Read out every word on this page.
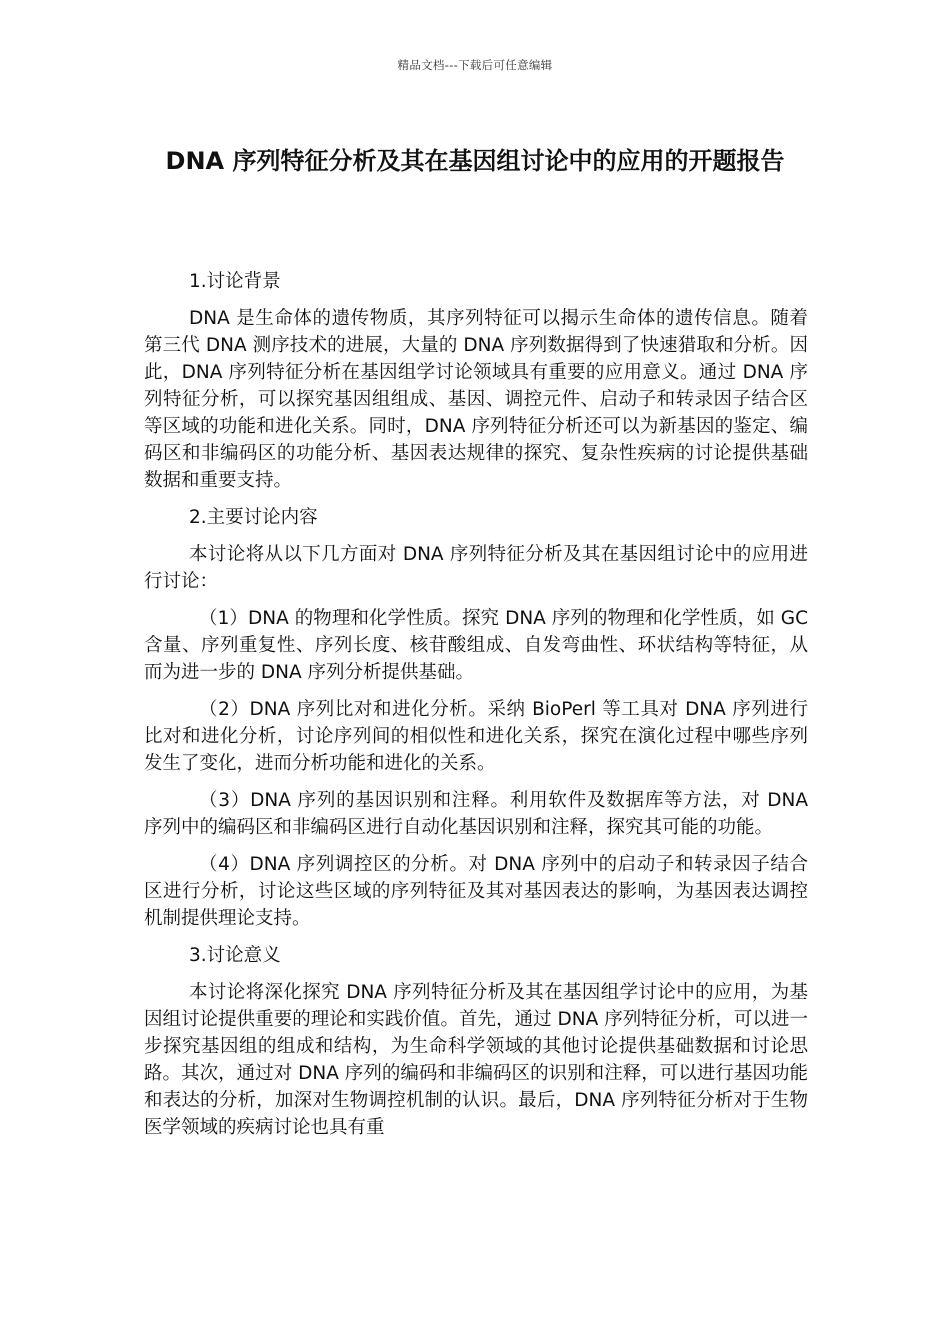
精品文档---下载后可任意编辑
DNA 序列特征分析及其在基因组讨论中的应用的开题报告

1.讨论背景

DNA 是生命体的遗传物质，其序列特征可以揭示生命体的遗传信息。随着第三代 DNA 测序技术的进展，大量的 DNA 序列数据得到了快速猎取和分析。因此，DNA 序列特征分析在基因组学讨论领域具有重要的应用意义。通过 DNA 序列特征分析，可以探究基因组组成、基因、调控元件、启动子和转录因子结合区等区域的功能和进化关系。同时，DNA 序列特征分析还可以为新基因的鉴定、编码区和非编码区的功能分析、基因表达规律的探究、复杂性疾病的讨论提供基础数据和重要支持。

2.主要讨论内容

本讨论将从以下几方面对 DNA 序列特征分析及其在基因组讨论中的应用进行讨论：

（1）DNA 的物理和化学性质。探究 DNA 序列的物理和化学性质，如 GC 含量、序列重复性、序列长度、核苷酸组成、自发弯曲性、环状结构等特征，从而为进一步的 DNA 序列分析提供基础。

（2）DNA 序列比对和进化分析。采纳 BioPerl 等工具对 DNA 序列进行比对和进化分析，讨论序列间的相似性和进化关系，探究在演化过程中哪些序列发生了变化，进而分析功能和进化的关系。

（3）DNA 序列的基因识别和注释。利用软件及数据库等方法，对 DNA 序列中的编码区和非编码区进行自动化基因识别和注释，探究其可能的功能。

（4）DNA 序列调控区的分析。对 DNA 序列中的启动子和转录因子结合区进行分析，讨论这些区域的序列特征及其对基因表达的影响，为基因表达调控机制提供理论支持。

3.讨论意义

本讨论将深化探究 DNA 序列特征分析及其在基因组学讨论中的应用，为基因组讨论提供重要的理论和实践价值。首先，通过 DNA 序列特征分析，可以进一步探究基因组的组成和结构，为生命科学领域的其他讨论提供基础数据和讨论思路。其次，通过对 DNA 序列的编码和非编码区的识别和注释，可以进行基因功能和表达的分析，加深对生物调控机制的认识。最后，DNA 序列特征分析对于生物医学领域的疾病讨论也具有重
